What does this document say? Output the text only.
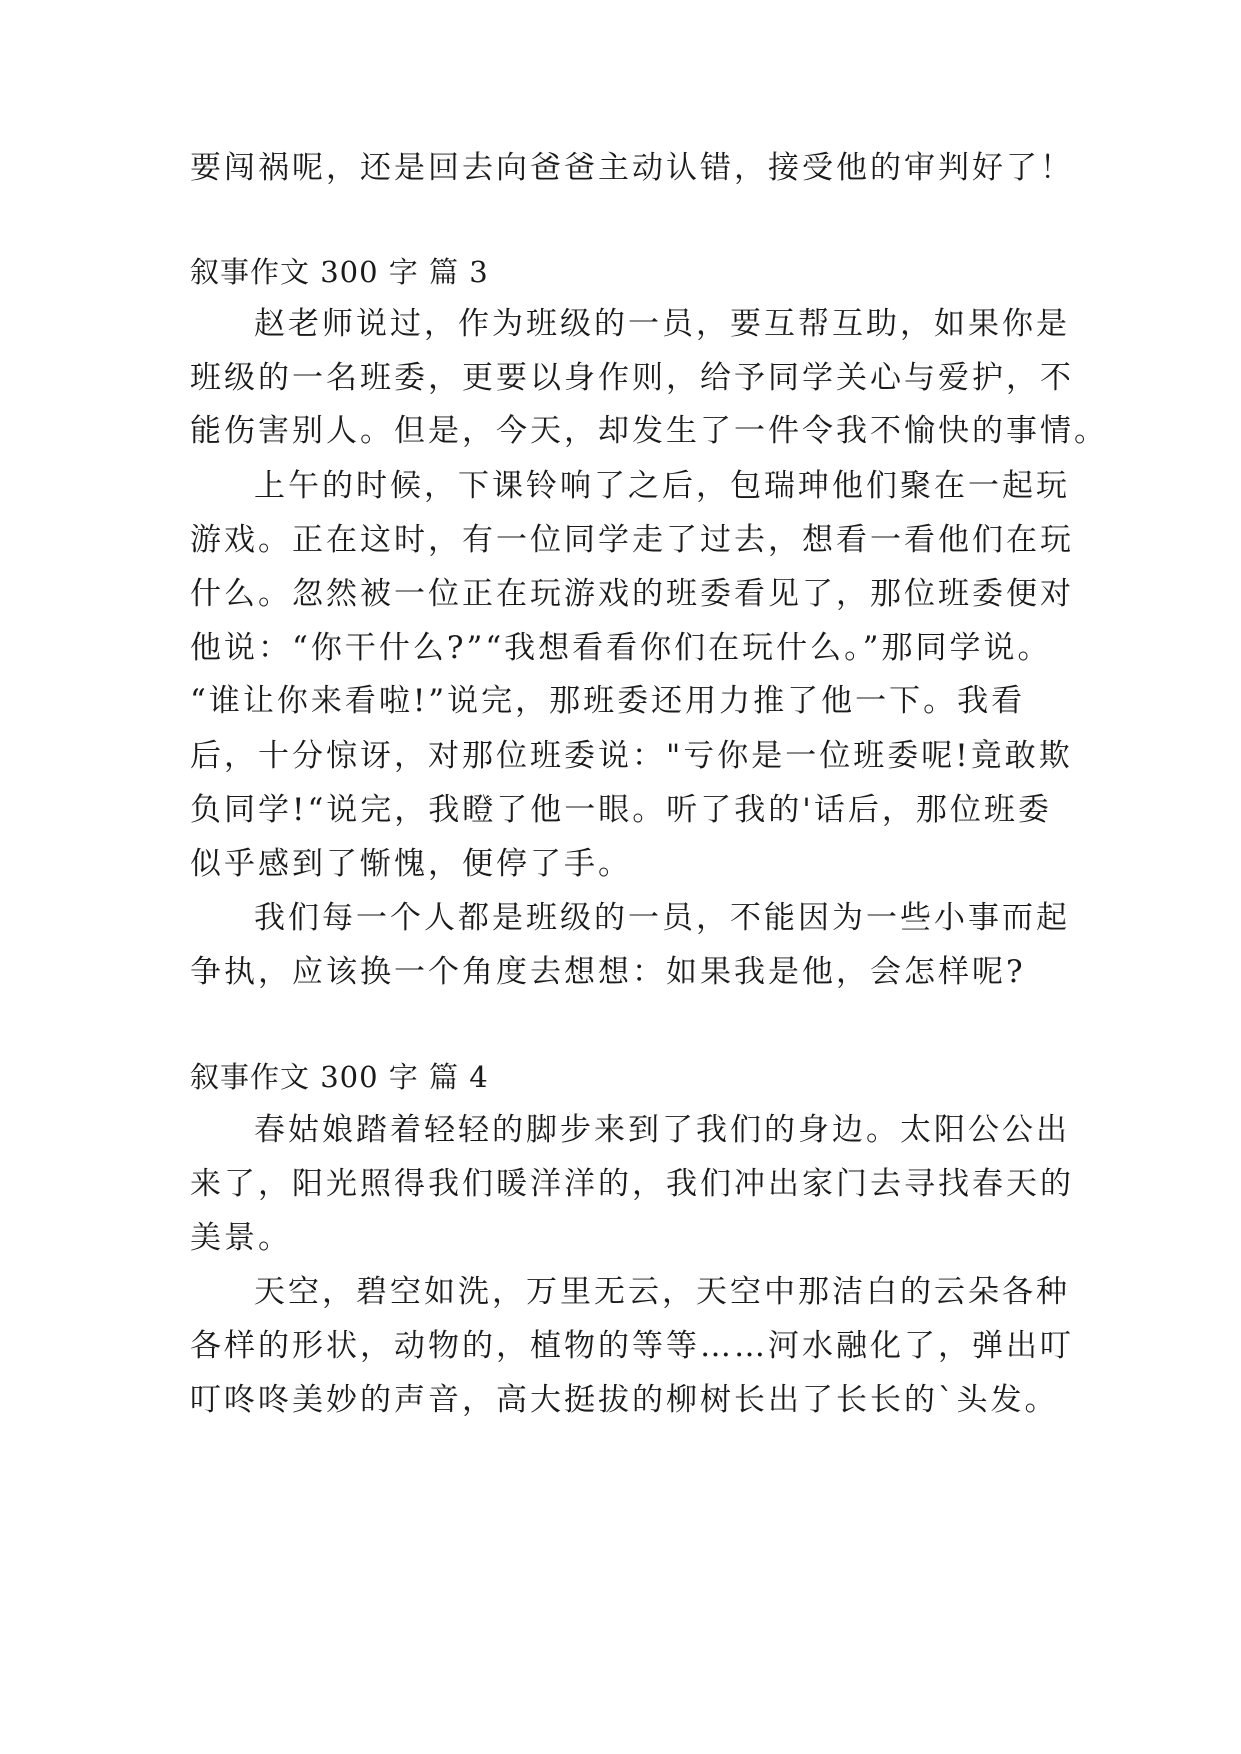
要闯祸呢，还是回去向爸爸主动认错，接受他的审判好了！
叙事作文 300 字 篇 3
赵老师说过，作为班级的一员，要互帮互助，如果你是
班级的一名班委，更要以身作则，给予同学关心与爱护，不
能伤害别人。但是，今天，却发生了一件令我不愉快的事情。
上午的时候，下课铃响了之后，包瑞珅他们聚在一起玩
游戏。正在这时，有一位同学走了过去，想看一看他们在玩
什么。忽然被一位正在玩游戏的班委看见了，那位班委便对
他说：“你干什么?”“我想看看你们在玩什么。”那同学说。
“谁让你来看啦!”说完，那班委还用力推了他一下。我看
后，十分惊讶，对那位班委说："亏你是一位班委呢!竟敢欺
负同学!“说完，我瞪了他一眼。听了我的'话后，那位班委
似乎感到了惭愧，便停了手。
我们每一个人都是班级的一员，不能因为一些小事而起
争执，应该换一个角度去想想：如果我是他，会怎样呢?
叙事作文 300 字 篇 4
春姑娘踏着轻轻的脚步来到了我们的身边。太阳公公出
来了，阳光照得我们暖洋洋的，我们冲出家门去寻找春天的
美景。
天空，碧空如洗，万里无云，天空中那洁白的云朵各种
各样的形状，动物的，植物的等等……河水融化了，弹出叮
叮咚咚美妙的声音，高大挺拔的柳树长出了长长的`头发。
